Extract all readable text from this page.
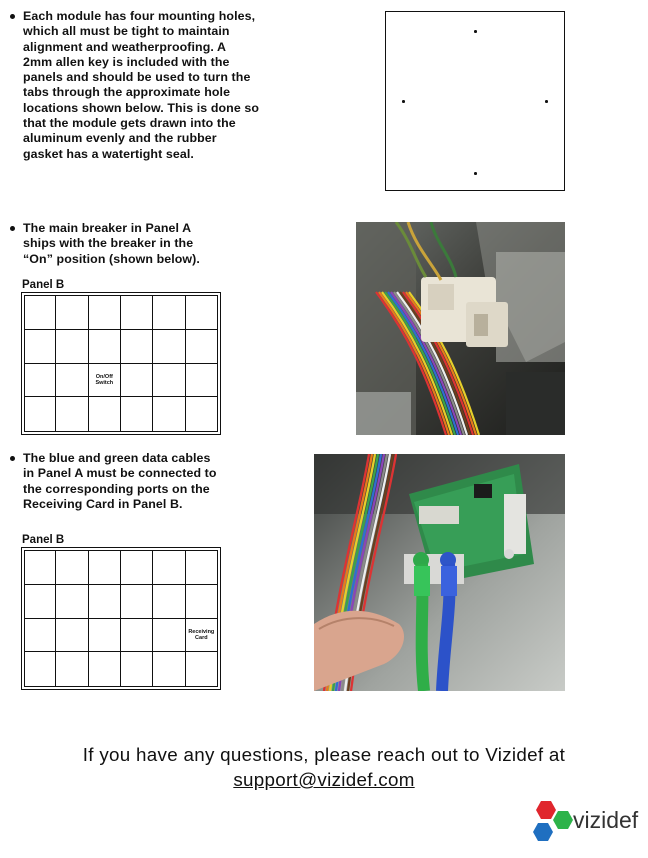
Each module has four mounting holes,

which all must be tight to maintain

alignment and weatherproofing. A

2mm allen key is included with the

panels and should be used to turn the

tabs through the approximate hole

locations shown below. This is done so

that the module gets drawn into the

aluminum evenly and the rubber

gasket has a watertight seal.

The main breaker in Panel A

ships with the breaker in the

“On” position (shown below).

Panel B
On/Off Switch

The blue and green data cables

in Panel A must be connected to

the corresponding ports on the

Receiving Card in Panel B.

Panel B
Receiving Card
If you have any questions, please reach out to Vizidef at
support@vizidef.com
vizidef
